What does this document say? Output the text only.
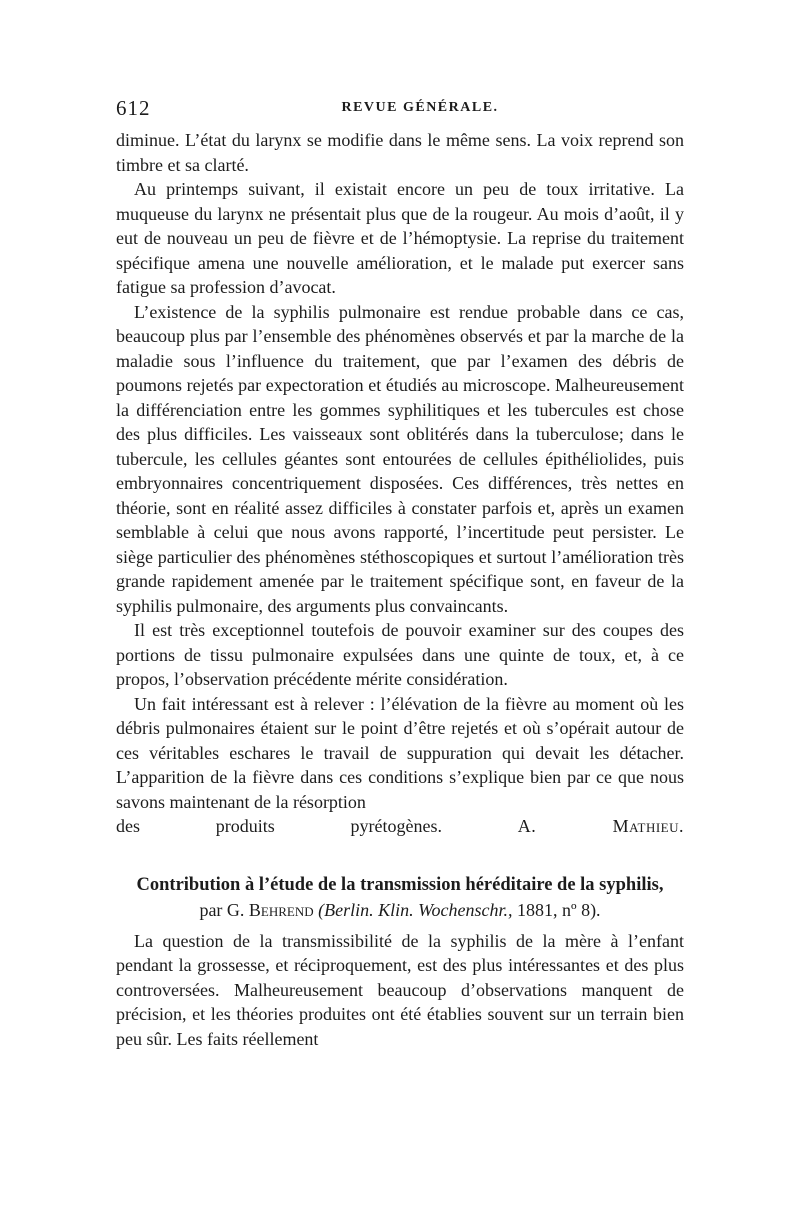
612	REVUE GÉNÉRALE.

diminue. L’état du larynx se modifie dans le même sens. La voix reprend son timbre et sa clarté.

Au printemps suivant, il existait encore un peu de toux irritative. La muqueuse du larynx ne présentait plus que de la rougeur. Au mois d’août, il y eut de nouveau un peu de fièvre et de l’hémoptysie. La reprise du traitement spécifique amena une nouvelle amélioration, et le malade put exercer sans fatigue sa profession d’avocat.

L’existence de la syphilis pulmonaire est rendue probable dans ce cas, beaucoup plus par l’ensemble des phénomènes observés et par la marche de la maladie sous l’influence du traitement, que par l’examen des débris de poumons rejetés par expectoration et étudiés au microscope. Malheureusement la différenciation entre les gommes syphilitiques et les tubercules est chose des plus difficiles. Les vaisseaux sont oblitérés dans la tuberculose; dans le tubercule, les cellules géantes sont entourées de cellules épithéliolides, puis embryonnaires concentriquement disposées. Ces différences, très nettes en théorie, sont en réalité assez difficiles à constater parfois et, après un examen semblable à celui que nous avons rapporté, l’incertitude peut persister. Le siège particulier des phénomènes stéthoscopiques et surtout l’amélioration très grande rapidement amenée par le traitement spécifique sont, en faveur de la syphilis pulmonaire, des arguments plus convaincants.

Il est très exceptionnel toutefois de pouvoir examiner sur des coupes des portions de tissu pulmonaire expulsées dans une quinte de toux, et, à ce propos, l’observation précédente mérite considération.

Un fait intéressant est à relever : l’élévation de la fièvre au moment où les débris pulmonaires étaient sur le point d’être rejetés et où s’opérait autour de ces véritables eschares le travail de suppuration qui devait les détacher. L’apparition de la fièvre dans ces conditions s’explique bien par ce que nous savons maintenant de la résorption

des produits pyrétogènes.	A. Mathieu.

Contribution à l’étude de la transmission héréditaire de la syphilis,
par G. Behrend (Berlin. Klin. Wochenschr., 1881, nº 8).

La question de la transmissibilité de la syphilis de la mère à l’enfant pendant la grossesse, et réciproquement, est des plus intéressantes et des plus controversées. Malheureusement beaucoup d’observations manquent de précision, et les théories produites ont été établies souvent sur un terrain bien peu sûr. Les faits réellement
